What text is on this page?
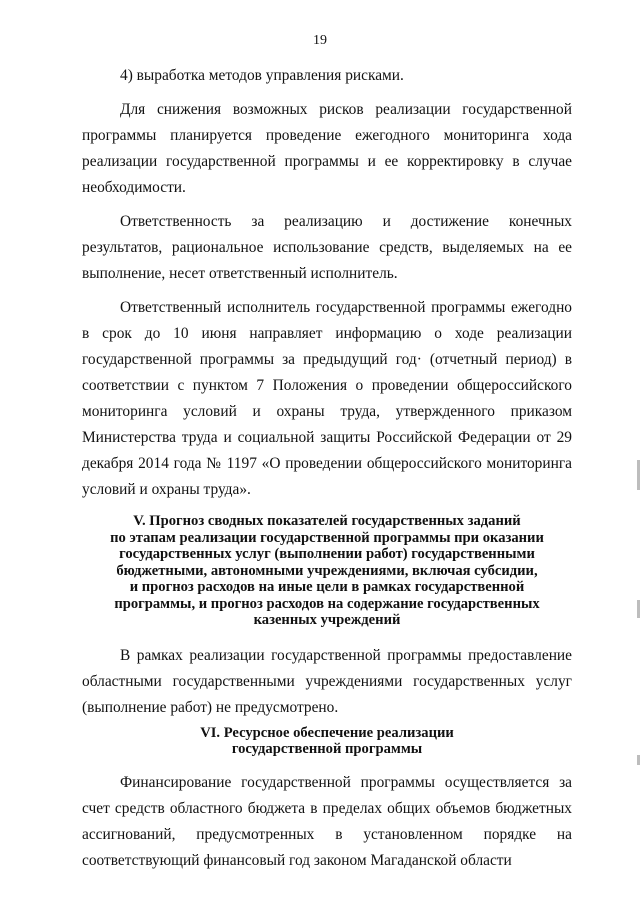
19

4) выработка методов управления рисками.

Для снижения возможных рисков реализации государственной программы планируется проведение ежегодного мониторинга хода реализации государственной программы и ее корректировку в случае необходимости.

Ответственность за реализацию и достижение конечных результатов, рациональное использование средств, выделяемых на ее выполнение, несет ответственный исполнитель.

Ответственный исполнитель государственной программы ежегодно в срок до 10 июня направляет информацию о ходе реализации государственной программы за предыдущий год· (отчетный период) в соответствии с пунктом 7 Положения о проведении общероссийского мониторинга условий и охраны труда, утвержденного приказом Министерства труда и социальной защиты Российской Федерации от 29 декабря 2014 года № 1197 «О проведении общероссийского мониторинга условий и охраны труда».

V. Прогноз сводных показателей государственных заданий
по этапам реализации государственной программы при оказании
государственных услуг (выполнении работ) государственными
бюджетными, автономными учреждениями, включая субсидии,
и прогноз расходов на иные цели в рамках государственной
программы, и прогноз расходов на содержание государственных
казенных учреждений

В рамках реализации государственной программы предоставление областными государственными учреждениями государственных услуг (выполнение работ) не предусмотрено.

VI. Ресурсное обеспечение реализации
государственной программы

Финансирование государственной программы осуществляется за счет средств областного бюджета в пределах общих объемов бюджетных ассигнований, предусмотренных в установленном порядке на соответствующий финансовый год законом Магаданской области
